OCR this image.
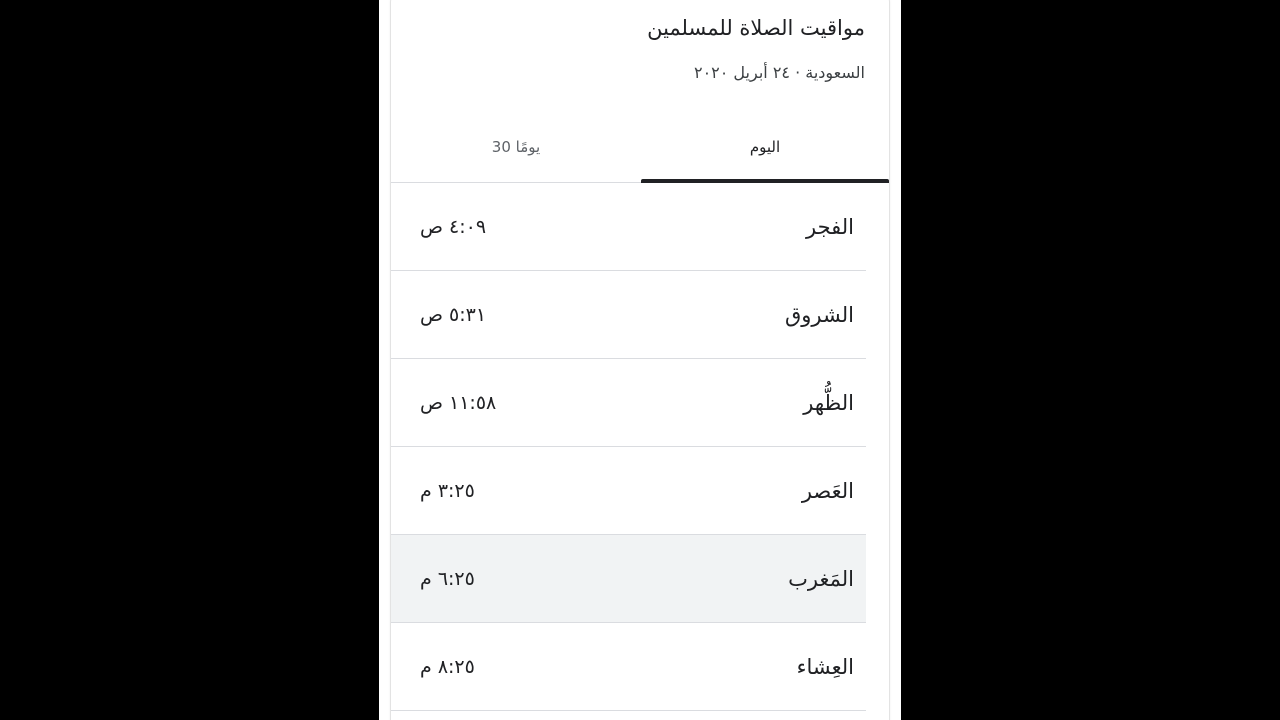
مواقيت الصلاة للمسلمين
السعودية · ٢٤ أبريل ٢٠٢٠
اليوم
30 يومًا
الفجر
٤:٠٩ ص
الشروق
٥:٣١ ص
الظُّهر
١١:٥٨ ص
العَصر
٣:٢٥ م
المَغرب
٦:٢٥ م
العِشاء
٨:٢٥ م
